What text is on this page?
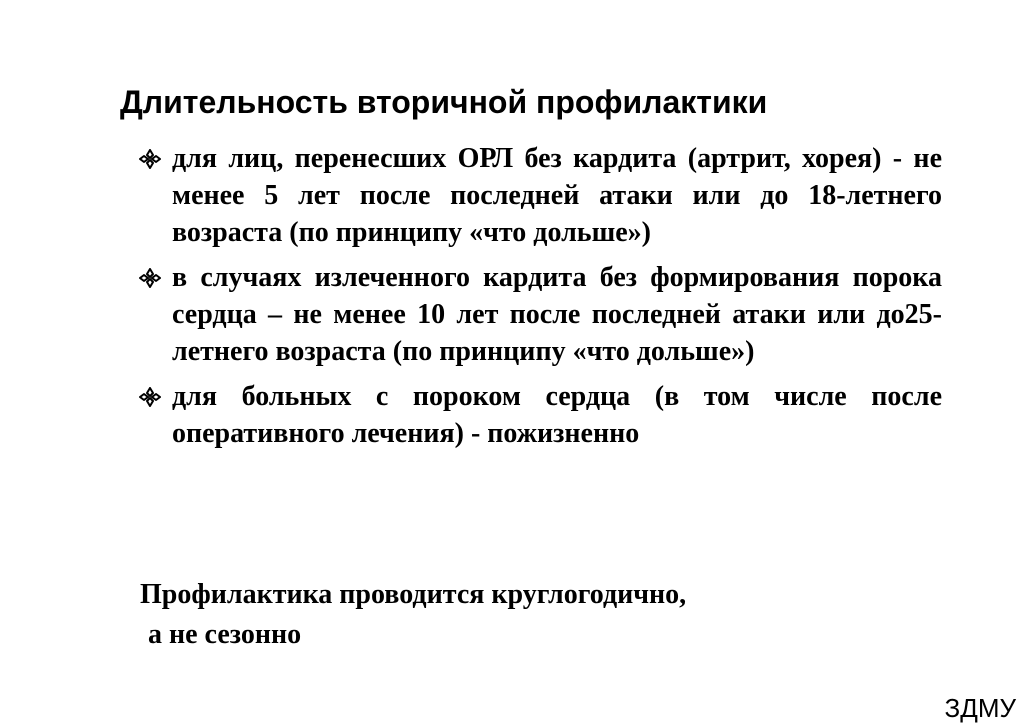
Длительность вторичной профилактики
для лиц, перенесших ОРЛ без кардита (артрит, хорея) - не менее 5 лет после последней атаки или до 18-летнего возраста (по принципу «что дольше»)
в случаях излеченного кардита без формирования порока сердца – не менее 10 лет после последней атаки или до25-летнего возраста (по принципу «что дольше»)
для больных с пороком сердца (в том числе после оперативного лечения) - пожизненно
Профилактика проводится круглогодично,
а не сезонно
ЗДМУ
